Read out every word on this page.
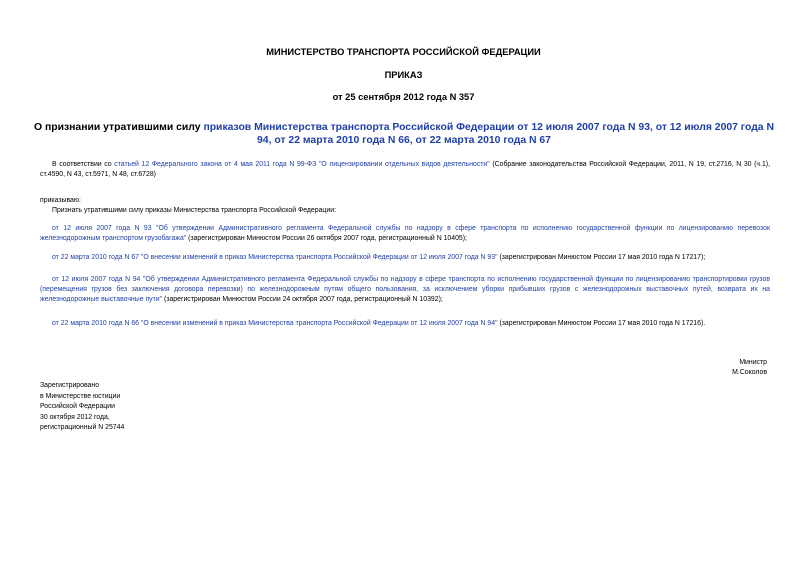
МИНИСТЕРСТВО ТРАНСПОРТА РОССИЙСКОЙ ФЕДЕРАЦИИ
ПРИКАЗ
от 25 сентября 2012 года N 357
О признании утратившими силу приказов Министерства транспорта Российской Федерации от 12 июля 2007 года N 93, от 12 июля 2007 года N 94, от 22 марта 2010 года N 66, от 22 марта 2010 года N 67
В соответствии со статьей 12 Федерального закона от 4 мая 2011 года N 99-ФЗ "О лицензировании отдельных видов деятельности" (Собрание законодательства Российской Федерации, 2011, N 19, ст.2716, N 30 (ч.1), ст.4590, N 43, ст.5971, N 48, ст.6728)
приказываю:
Признать утратившими силу приказы Министерства транспорта Российской Федерации:
от 12 июля 2007 года N 93 "Об утверждении Административного регламента Федеральной службы по надзору в сфере транспорта по исполнению государственной функции по лицензированию перевозок железнодорожным транспортом грузобагажа" (зарегистрирован Минюстом России 26 октября 2007 года, регистрационный N 10405);
от 22 марта 2010 года N 67 "О внесении изменений в приказ Министерства транспорта Российской Федерации от 12 июля 2007 года N 93" (зарегистрирован Минюстом России 17 мая 2010 года N 17217);
от 12 июля 2007 года N 94 "Об утверждении Административного регламента Федеральной службы по надзору в сфере транспорта по исполнению государственной функции по лицензированию транспортировки грузов (перемещения грузов без заключения договора перевозки) по железнодорожным путям общего пользования, за исключением уборки прибывших грузов с железнодорожных выставочных путей, возврата их на железнодорожные выставочные пути" (зарегистрирован Минюстом России 24 октября 2007 года, регистрационный N 10392);
от 22 марта 2010 года N 66 "О внесении изменений в приказ Министерства транспорта Российской Федерации от 12 июля 2007 года N 94" (зарегистрирован Минюстом России 17 мая 2010 года N 17216).
Министр
М.Соколов
Зарегистрировано
в Министерстве юстиции
Российской Федерации
30 октября 2012 года,
регистрационный N 25744
